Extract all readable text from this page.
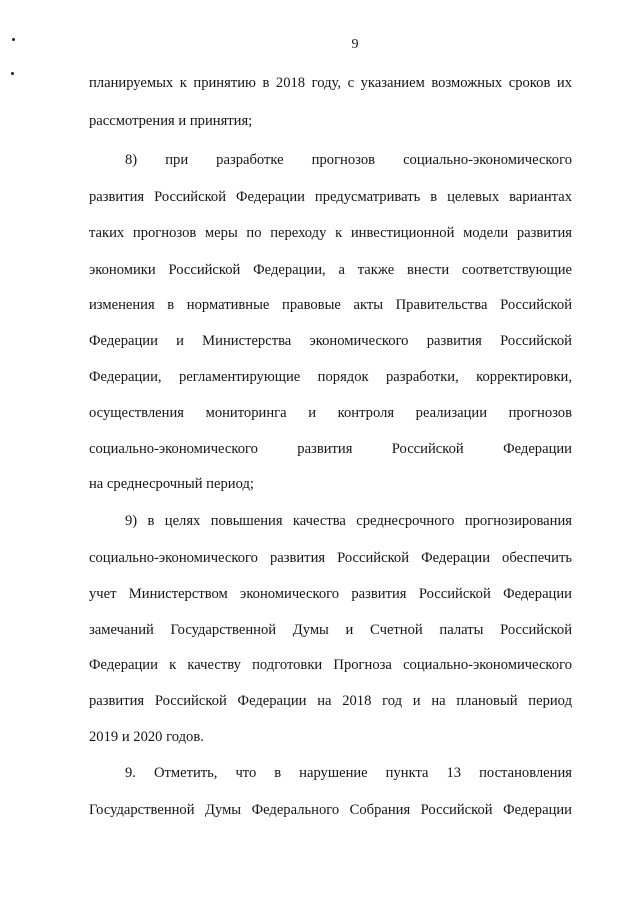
9
планируемых к принятию в 2018 году, с указанием возможных сроков их
рассмотрения и принятия;
8) при разработке прогнозов социально-экономического
развития Российской Федерации предусматривать в целевых вариантах
таких прогнозов меры по переходу к инвестиционной модели развития
экономики Российской Федерации, а также внести соответствующие
изменения в нормативные правовые акты Правительства Российской
Федерации и Министерства экономического развития Российской
Федерации, регламентирующие порядок разработки, корректировки,
осуществления мониторинга и контроля реализации прогнозов
социально-экономического развития Российской Федерации
на среднесрочный период;
9) в целях повышения качества среднесрочного прогнозирования
социально-экономического развития Российской Федерации обеспечить
учет Министерством экономического развития Российской Федерации
замечаний Государственной Думы и Счетной палаты Российской
Федерации к качеству подготовки Прогноза социально-экономического
развития Российской Федерации на 2018 год и на плановый период
2019 и 2020 годов.
9. Отметить, что в нарушение пункта 13 постановления
Государственной Думы Федерального Собрания Российской Федерации
